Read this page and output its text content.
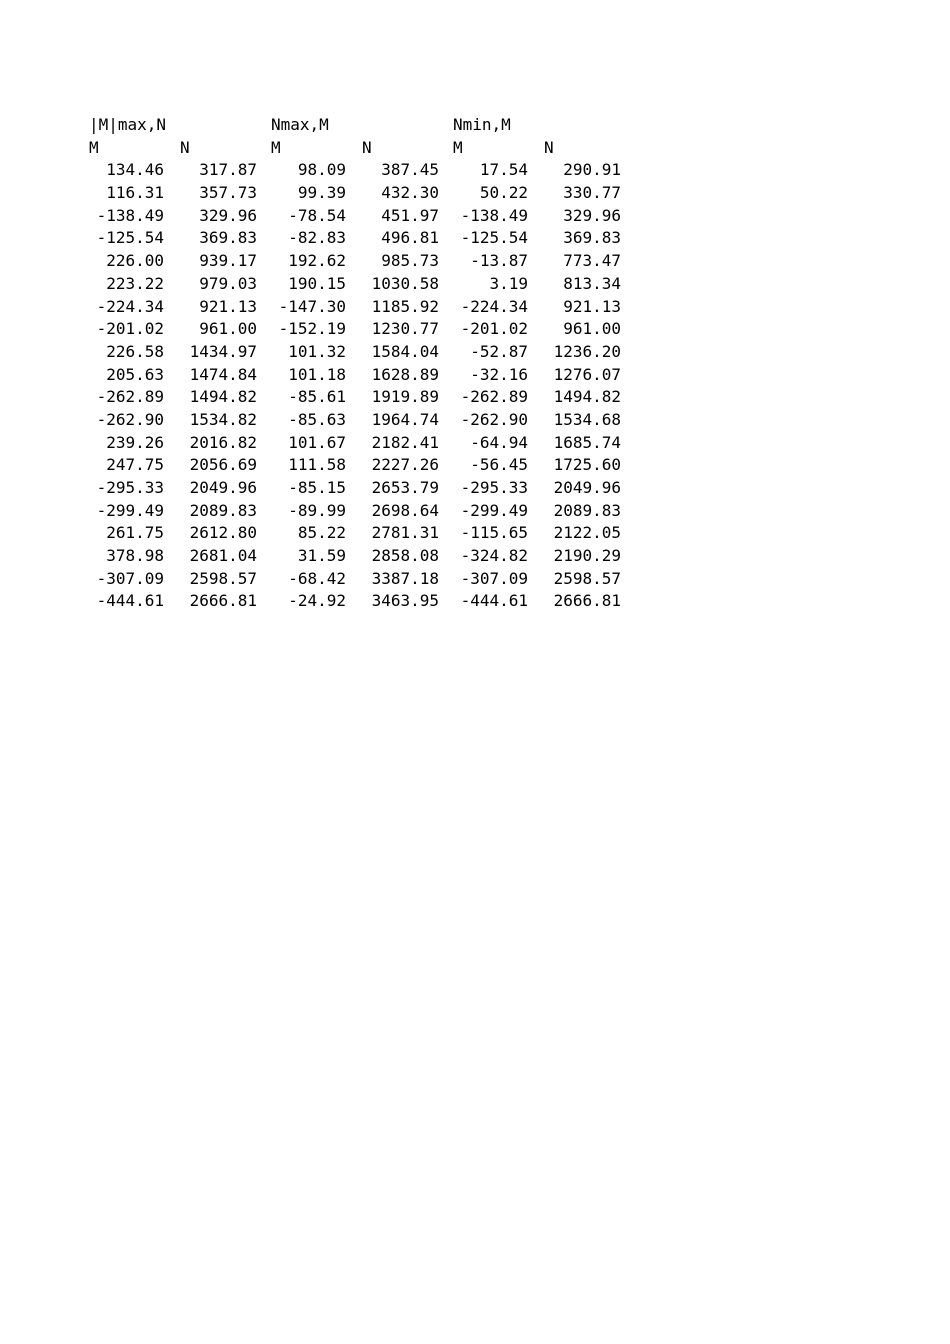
|M|max,N	Nmax,M	Nmin,M
M	N	M	N	M	N
134.46	317.87	98.09	387.45	17.54	290.91
116.31	357.73	99.39	432.30	50.22	330.77
-138.49	329.96	-78.54	451.97	-138.49	329.96
-125.54	369.83	-82.83	496.81	-125.54	369.83
226.00	939.17	192.62	985.73	-13.87	773.47
223.22	979.03	190.15	1030.58	3.19	813.34
-224.34	921.13	-147.30	1185.92	-224.34	921.13
-201.02	961.00	-152.19	1230.77	-201.02	961.00
226.58	1434.97	101.32	1584.04	-52.87	1236.20
205.63	1474.84	101.18	1628.89	-32.16	1276.07
-262.89	1494.82	-85.61	1919.89	-262.89	1494.82
-262.90	1534.82	-85.63	1964.74	-262.90	1534.68
239.26	2016.82	101.67	2182.41	-64.94	1685.74
247.75	2056.69	111.58	2227.26	-56.45	1725.60
-295.33	2049.96	-85.15	2653.79	-295.33	2049.96
-299.49	2089.83	-89.99	2698.64	-299.49	2089.83
261.75	2612.80	85.22	2781.31	-115.65	2122.05
378.98	2681.04	31.59	2858.08	-324.82	2190.29
-307.09	2598.57	-68.42	3387.18	-307.09	2598.57
-444.61	2666.81	-24.92	3463.95	-444.61	2666.81
